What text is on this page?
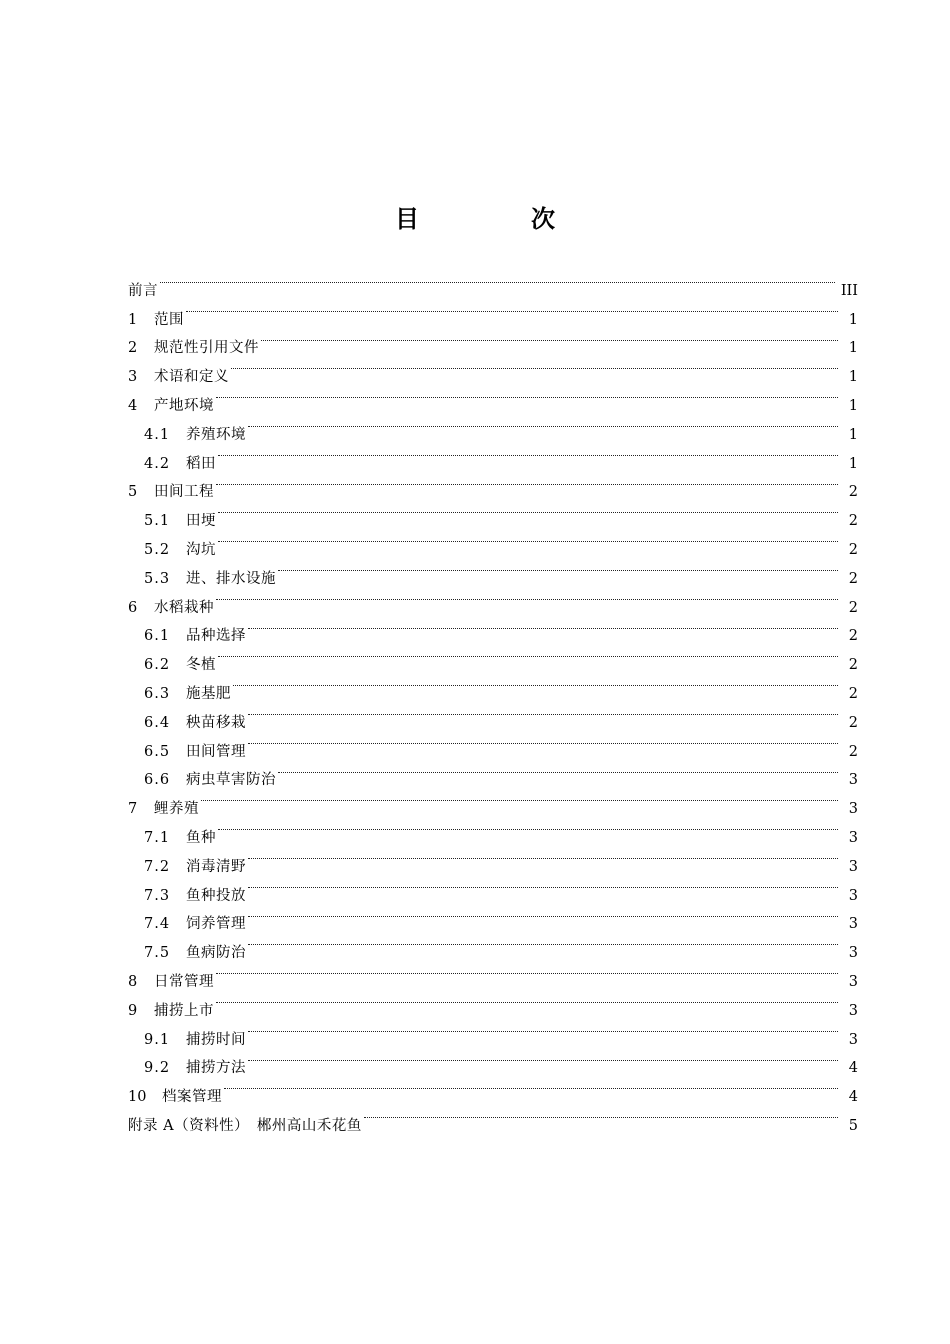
目　次
前言	III
1	范围	1
2	规范性引用文件	1
3	术语和定义	1
4	产地环境	1
4.1	养殖环境	1
4.2	稻田	1
5	田间工程	2
5.1	田埂	2
5.2	沟坑	2
5.3	进、排水设施	2
6	水稻栽种	2
6.1	品种选择	2
6.2	冬植	2
6.3	施基肥	2
6.4	秧苗移栽	2
6.5	田间管理	2
6.6	病虫草害防治	3
7	鲤养殖	3
7.1	鱼种	3
7.2	消毒清野	3
7.3	鱼种投放	3
7.4	饲养管理	3
7.5	鱼病防治	3
8	日常管理	3
9	捕捞上市	3
9.1	捕捞时间	3
9.2	捕捞方法	4
10	档案管理	4
附录 A（资料性）　郴州高山禾花鱼	5
